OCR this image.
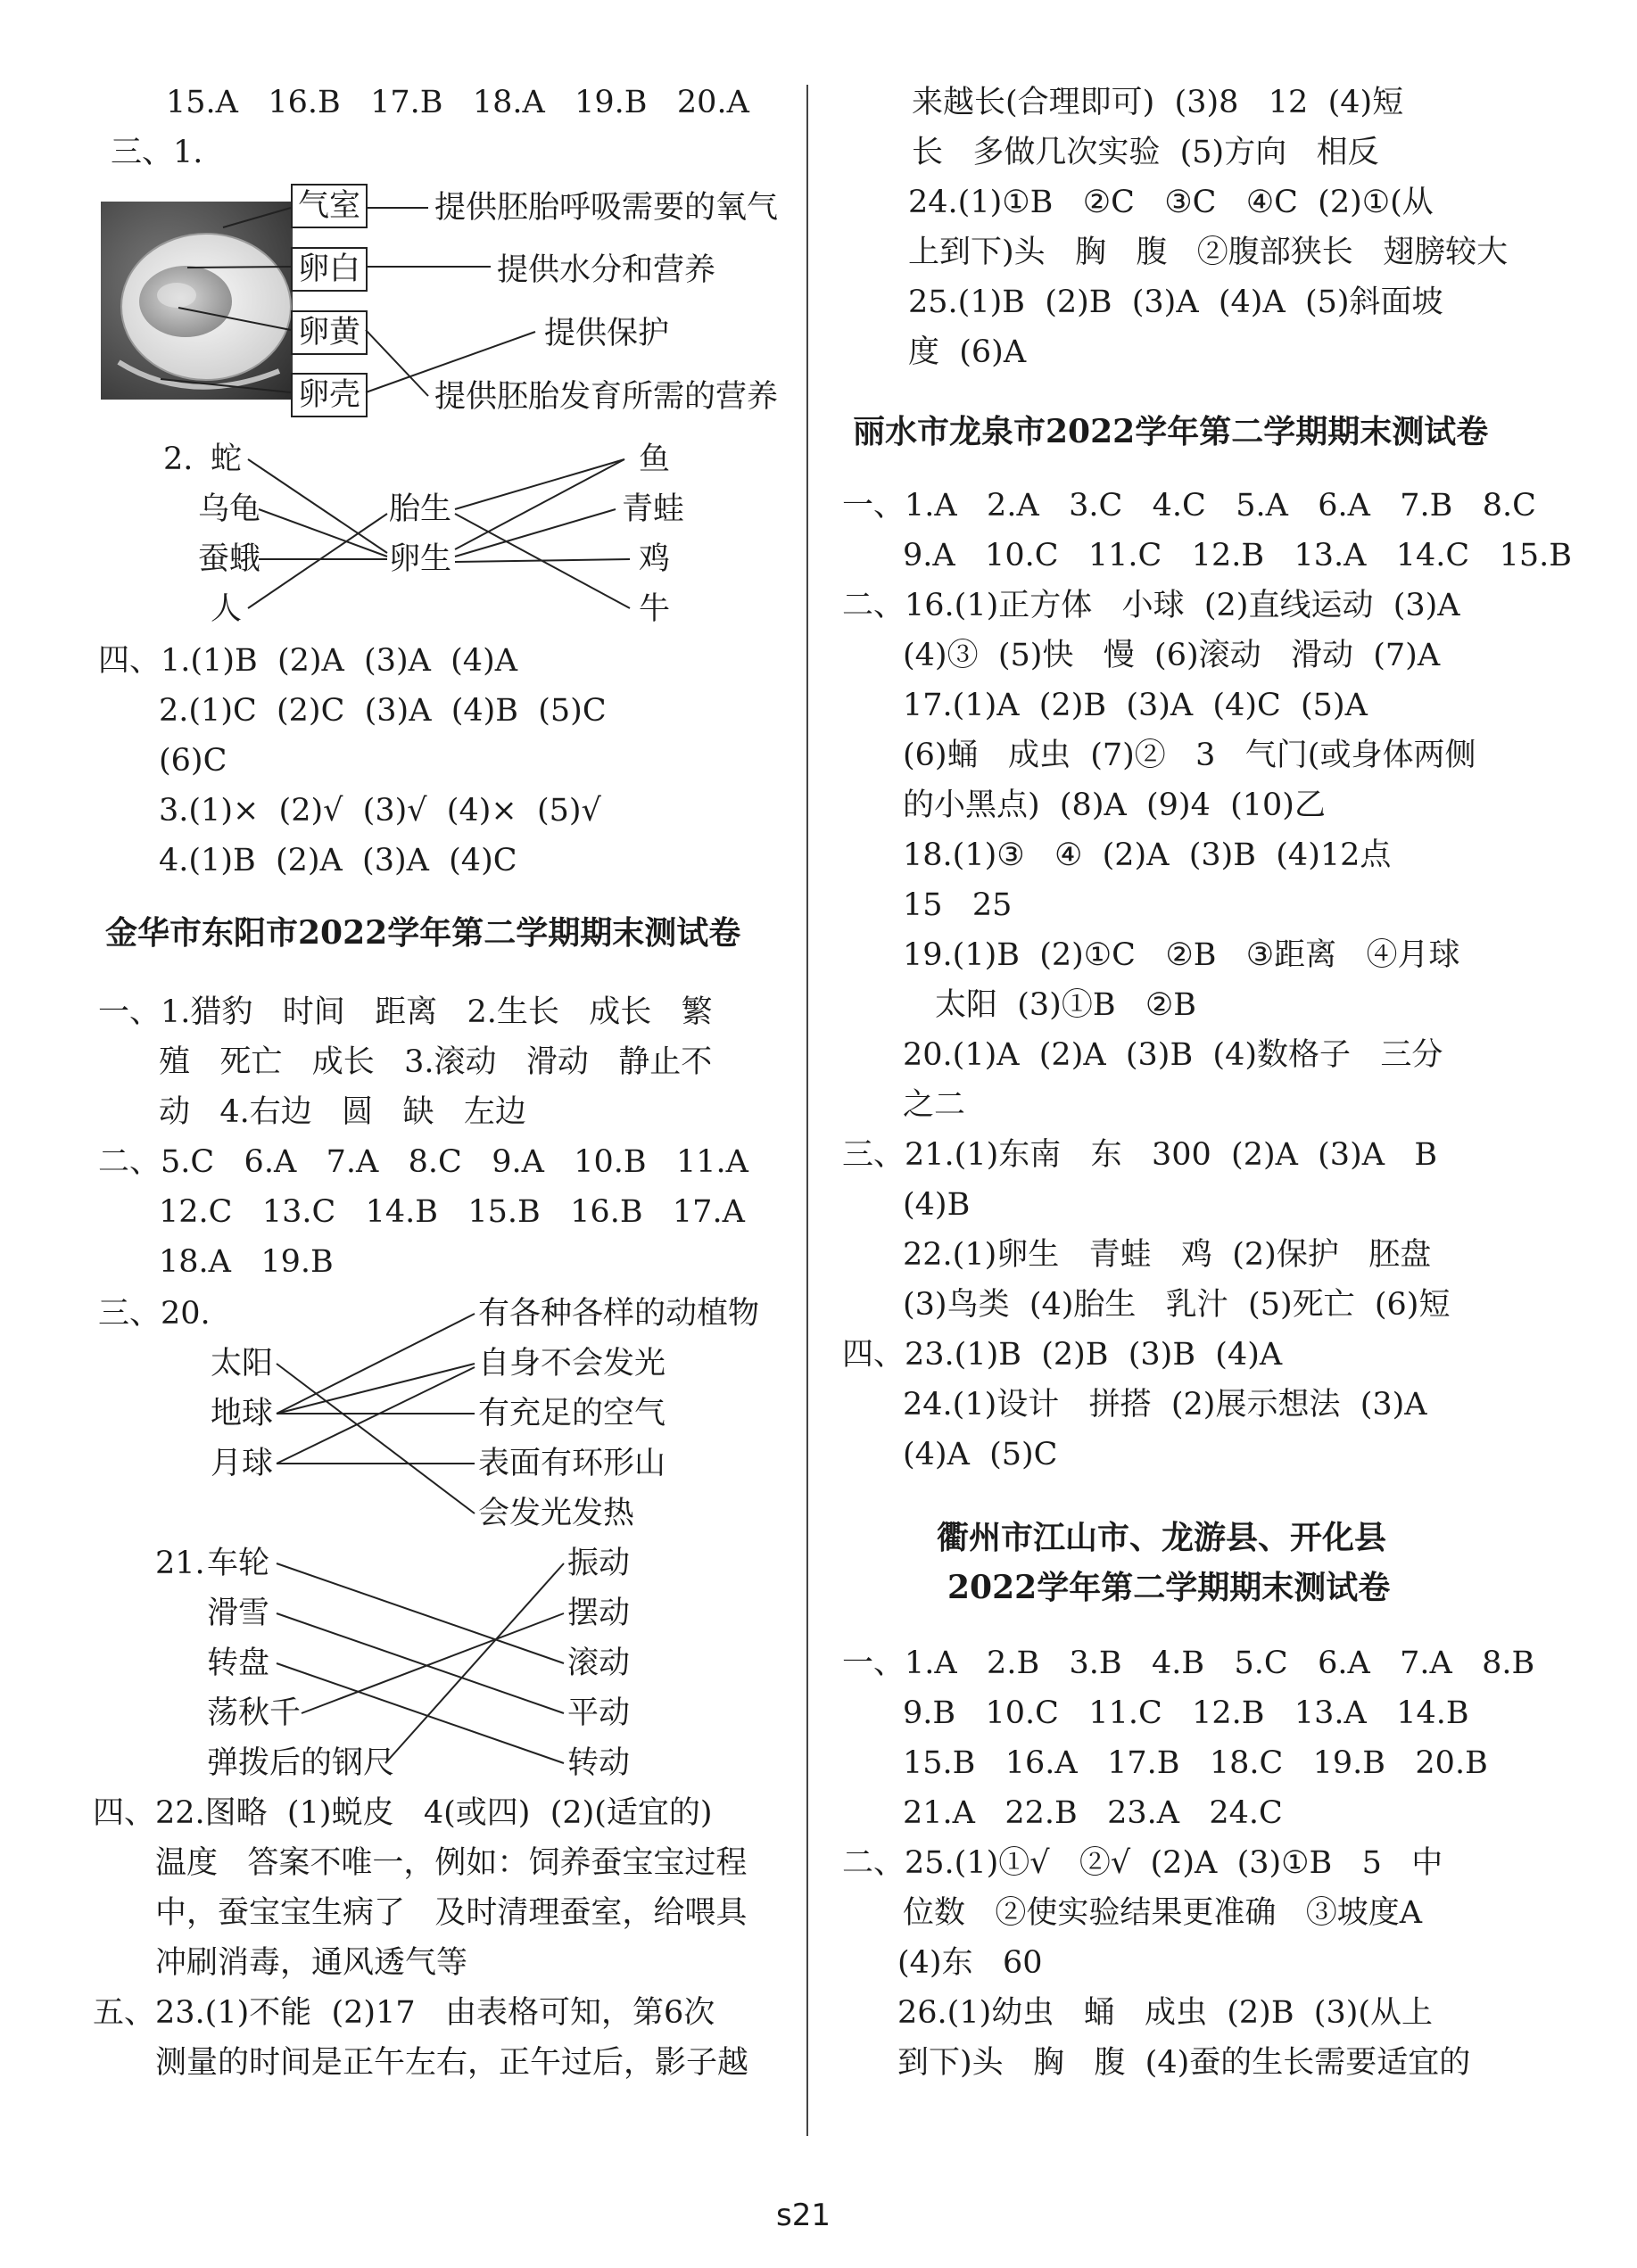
15.A   16.B   17.B   18.A   19.B   20.A
三、1.
气室
卵白
卵黄
卵壳
提供胚胎呼吸需要的氧气
提供水分和营养
提供保护
提供胚胎发育所需的营养
2. 蛇
乌龟
蚕蛾
人
胎生
卵生
鱼
青蛙
鸡
牛
四、1.(1)B  (2)A  (3)A  (4)A
2.(1)C  (2)C  (3)A  (4)B  (5)C
(6)C
3.(1)×  (2)√  (3)√  (4)×  (5)√
4.(1)B  (2)A  (3)A  (4)C
金华市东阳市2022学年第二学期期末测试卷
一、1.猎豹   时间   距离   2.生长   成长   繁
殖   死亡   成长   3.滚动   滑动   静止不
动   4.右边   圆   缺   左边
二、5.C   6.A   7.A   8.C   9.A   10.B   11.A
12.C   13.C   14.B   15.B   16.B   17.A
18.A   19.B
三、20.
太阳
地球
月球
有各种各样的动植物
自身不会发光
有充足的空气
表面有环形山
会发光发热
21. 车轮
滑雪
转盘
荡秋千
弹拨后的钢尺
振动
摆动
滚动
平动
转动
四、22.图略  (1)蜕皮   4(或四)  (2)(适宜的)
温度   答案不唯一，例如：饲养蚕宝宝过程
中，蚕宝宝生病了   及时清理蚕室，给喂具
冲刷消毒，通风透气等
五、23.(1)不能  (2)17   由表格可知，第6次
测量的时间是正午左右，正午过后，影子越
来越长(合理即可)  (3)8   12  (4)短
长   多做几次实验  (5)方向   相反
24.(1)①B   ②C   ③C   ④C  (2)①(从
上到下)头   胸   腹   ②腹部狭长   翅膀较大
25.(1)B  (2)B  (3)A  (4)A  (5)斜面坡
度  (6)A
丽水市龙泉市2022学年第二学期期末测试卷
一、1.A   2.A   3.C   4.C   5.A   6.A   7.B   8.C
9.A   10.C   11.C   12.B   13.A   14.C   15.B
二、16.(1)正方体   小球  (2)直线运动  (3)A
(4)③  (5)快   慢  (6)滚动   滑动  (7)A
17.(1)A  (2)B  (3)A  (4)C  (5)A
(6)蛹   成虫  (7)②   3   气门(或身体两侧
的小黑点)  (8)A  (9)4  (10)乙
18.(1)③   ④  (2)A  (3)B  (4)12点
15   25
19.(1)B  (2)①C   ②B   ③距离   ④月球
太阳  (3)①B   ②B
20.(1)A  (2)A  (3)B  (4)数格子   三分
之二
三、21.(1)东南   东   300  (2)A  (3)A   B
(4)B
22.(1)卵生   青蛙   鸡  (2)保护   胚盘
(3)鸟类  (4)胎生   乳汁  (5)死亡  (6)短
四、23.(1)B  (2)B  (3)B  (4)A
24.(1)设计   拼搭  (2)展示想法  (3)A
(4)A  (5)C
衢州市江山市、龙游县、开化县
2022学年第二学期期末测试卷
一、1.A   2.B   3.B   4.B   5.C   6.A   7.A   8.B
9.B   10.C   11.C   12.B   13.A   14.B
15.B   16.A   17.B   18.C   19.B   20.B
21.A   22.B   23.A   24.C
二、25.(1)①√   ②√  (2)A  (3)①B   5   中
位数   ②使实验结果更准确   ③坡度A
(4)东   60
26.(1)幼虫   蛹   成虫  (2)B  (3)(从上
到下)头   胸   腹  (4)蚕的生长需要适宜的
s21
